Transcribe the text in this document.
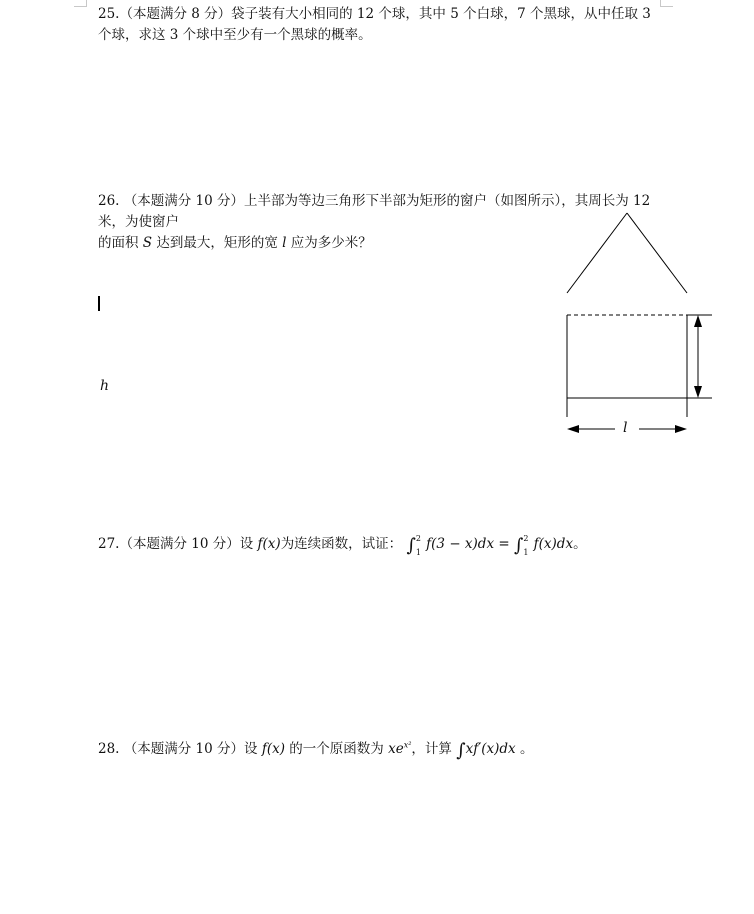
25.（本题满分 8 分）袋子装有大小相同的 12 个球，其中 5 个白球，7 个黑球，从中任取 3
个球，求这 3 个球中至少有一个黑球的概率。
26. （本题满分 10 分）上半部为等边三角形下半部为矩形的窗户（如图所示），其周长为 12
米，为使窗户
的面积 S 达到最大，矩形的宽 l 应为多少米？
h
l
27.（本题满分 10 分）设 f(x)为连续函数，试证： ∫ 2
1
f(3 − x)dx = ∫ 2
1
f(x)dx。
28. （本题满分 10 分）设 f(x) 的一个原函数为 $xe^{x^2}$，计算 ∫xf′(x)dx 。
